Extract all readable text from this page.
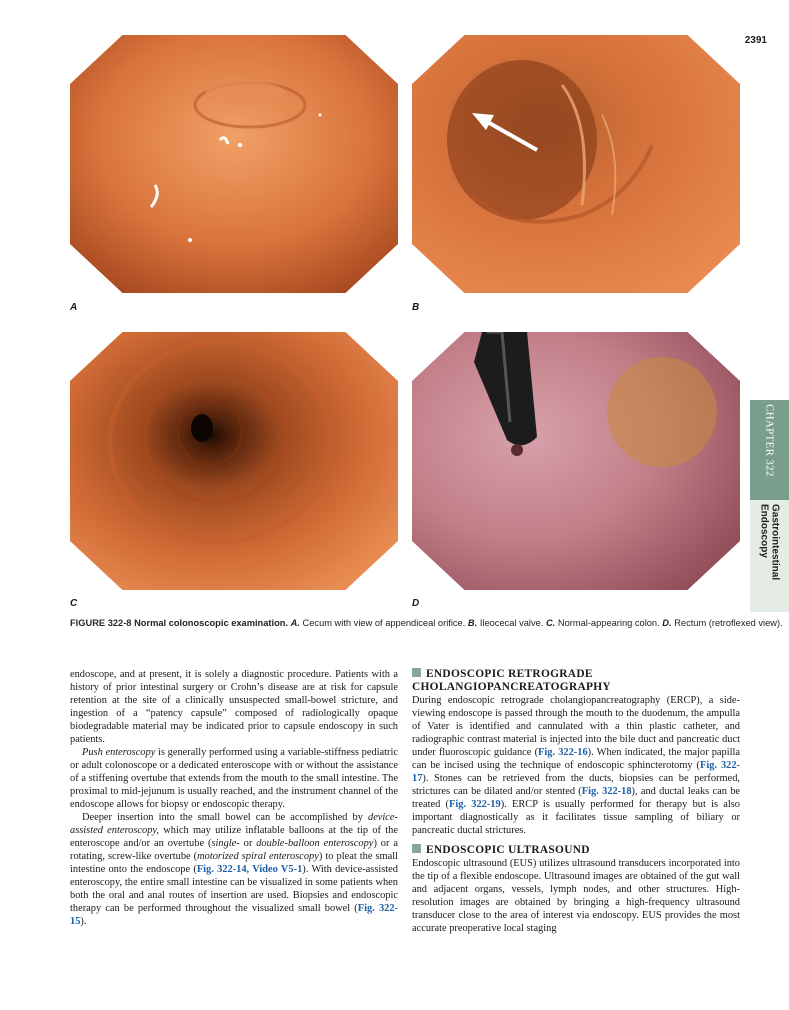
2391
A	B
C	D
FIGURE 322-8 Normal colonoscopic examination. A. Cecum with view of appendiceal orifice. B. Ileocecal valve. C. Normal-appearing colon. D. Rectum (retroflexed view).
CHAPTER 322
Gastrointestinal Endoscopy

endoscope, and at present, it is solely a diagnostic procedure. Patients with a history of prior intestinal surgery or Crohn’s disease are at risk for capsule retention at the site of a clinically unsuspected small-bowel stricture, and ingestion of a “patency capsule” composed of radiologically opaque biodegradable material may be indicated prior to capsule endoscopy in such patients.

Push enteroscopy is generally performed using a variable-stiffness pediatric or adult colonoscope or a dedicated enteroscope with or without the assistance of a stiffening overtube that extends from the mouth to the small intestine. The proximal to mid-jejunum is usually reached, and the instrument channel of the endoscope allows for biopsy or endoscopic therapy.

Deeper insertion into the small bowel can be accomplished by device-assisted enteroscopy, which may utilize inflatable balloons at the tip of the enteroscope and/or an overtube (single- or double-balloon enteroscopy) or a rotating, screw-like overtube (motorized spiral enteroscopy) to pleat the small intestine onto the endoscope (Fig. 322-14, Video V5-1). With device-assisted enteroscopy, the entire small intestine can be visualized in some patients when both the oral and anal routes of insertion are used. Biopsies and endoscopic therapy can be performed throughout the visualized small bowel (Fig. 322-15).

ENDOSCOPIC RETROGRADE
CHOLANGIOPANCREATOGRAPHY

During endoscopic retrograde cholangiopancreatography (ERCP), a side-viewing endoscope is passed through the mouth to the duodenum, the ampulla of Vater is identified and cannulated with a thin plastic catheter, and radiographic contrast material is injected into the bile duct and pancreatic duct under fluoroscopic guidance (Fig. 322-16). When indicated, the major papilla can be incised using the technique of endoscopic sphincterotomy (Fig. 322-17). Stones can be retrieved from the ducts, biopsies can be performed, strictures can be dilated and/or stented (Fig. 322-18), and ductal leaks can be treated (Fig. 322-19). ERCP is usually performed for therapy but is also important diagnostically as it facilitates tissue sampling of biliary or pancreatic ductal strictures.

ENDOSCOPIC ULTRASOUND

Endoscopic ultrasound (EUS) utilizes ultrasound transducers incorporated into the tip of a flexible endoscope. Ultrasound images are obtained of the gut wall and adjacent organs, vessels, lymph nodes, and other structures. High-resolution images are obtained by bringing a high-frequency ultrasound transducer close to the area of interest via endoscopy. EUS provides the most accurate preoperative local staging
